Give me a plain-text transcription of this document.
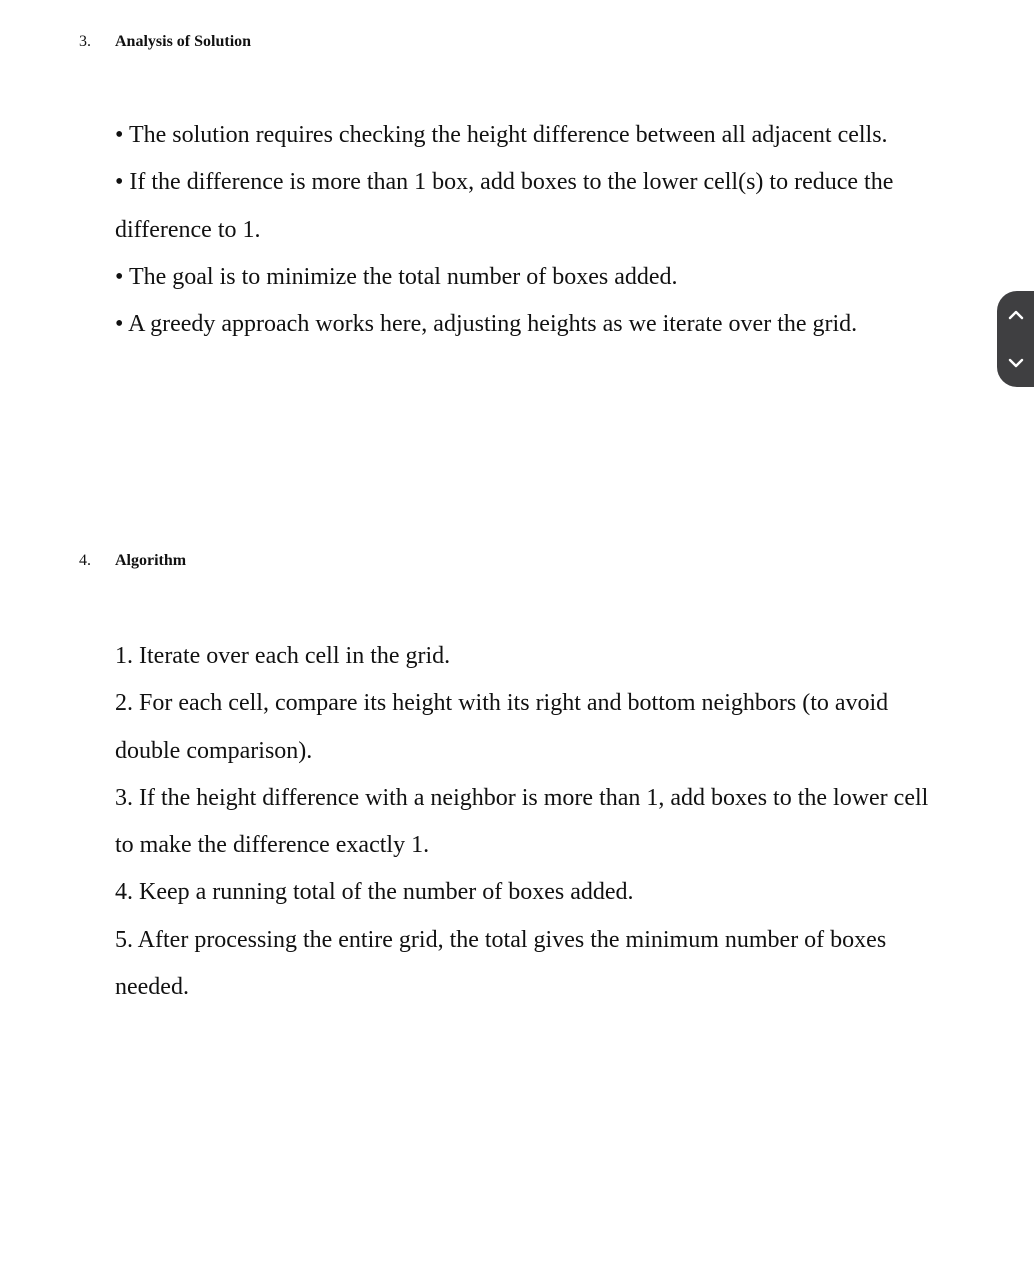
3. Analysis of Solution

• The solution requires checking the height difference between all adjacent cells.

• If the difference is more than 1 box, add boxes to the lower cell(s) to reduce the difference to 1.

• The goal is to minimize the total number of boxes added.

• A greedy approach works here, adjusting heights as we iterate over the grid.

4. Algorithm

1. Iterate over each cell in the grid.

2. For each cell, compare its height with its right and bottom neighbors (to avoid double comparison).

3. If the height difference with a neighbor is more than 1, add boxes to the lower cell to make the difference exactly 1.

4. Keep a running total of the number of boxes added.

5. After processing the entire grid, the total gives the minimum number of boxes needed.
